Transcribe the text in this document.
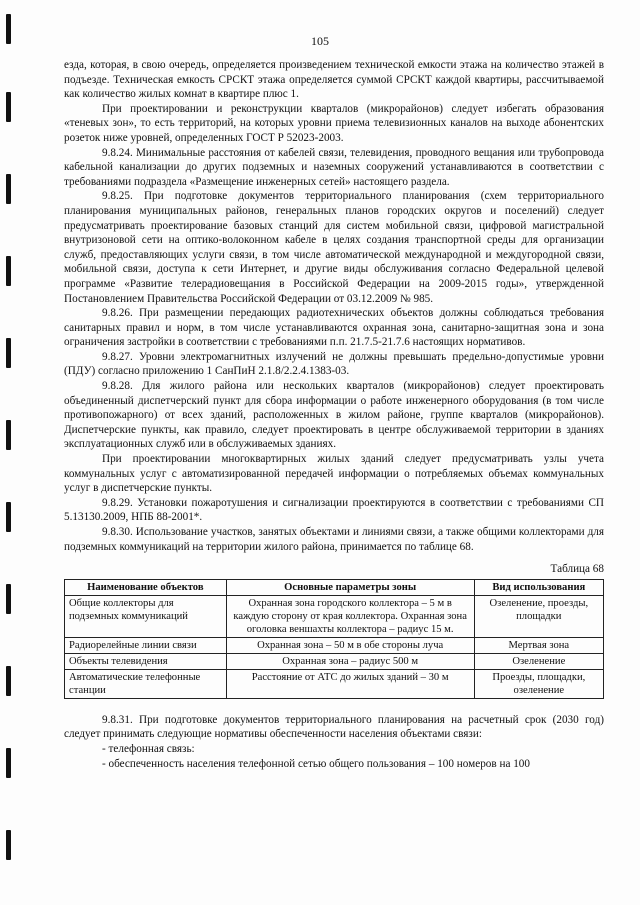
105

езда, которая, в свою очередь, определяется произведением технической емкости этажа на количество этажей в подъезде. Техническая емкость СРСКТ этажа определяется суммой СРСКТ каждой квартиры, рассчитываемой как количество жилых комнат в квартире плюс 1.

При проектировании и реконструкции кварталов (микрорайонов) следует избегать образования «теневых зон», то есть территорий, на которых уровни приема телевизионных каналов на выходе абонентских розеток ниже уровней, определенных ГОСТ Р 52023-2003.

9.8.24. Минимальные расстояния от кабелей связи, телевидения, проводного вещания или трубопровода кабельной канализации до других подземных и наземных сооружений устанавливаются в соответствии с требованиями подраздела «Размещение инженерных сетей» настоящего раздела.

9.8.25. При подготовке документов территориального планирования (схем территориального планирования муниципальных районов, генеральных планов городских округов и поселений) следует предусматривать проектирование базовых станций для систем мобильной связи, цифровой магистральной внутризоновой сети на оптико-волоконном кабеле в целях создания транспортной среды для организации служб, предоставляющих услуги связи, в том числе автоматической международной и междугородной связи, мобильной связи, доступа к сети Интернет, и другие виды обслуживания согласно Федеральной целевой программе «Развитие телерадиовещания в Российской Федерации на 2009-2015 годы», утвержденной Постановлением Правительства Российской Федерации от 03.12.2009 № 985.

9.8.26. При размещении передающих радиотехнических объектов должны соблюдаться требования санитарных правил и норм, в том числе устанавливаются охранная зона, санитарно-защитная зона и зона ограничения застройки в соответствии с требованиями п.п. 21.7.5-21.7.6 настоящих нормативов.

9.8.27. Уровни электромагнитных излучений не должны превышать предельно-допустимые уровни (ПДУ) согласно приложению 1 СанПиН 2.1.8/2.2.4.1383-03.

9.8.28. Для жилого района или нескольких кварталов (микрорайонов) следует проектировать объединенный диспетчерский пункт для сбора информации о работе инженерного оборудования (в том числе противопожарного) от всех зданий, расположенных в жилом районе, группе кварталов (микрорайонов). Диспетчерские пункты, как правило, следует проектировать в центре обслуживаемой территории в зданиях эксплуатационных служб или в обслуживаемых зданиях.

При проектировании многоквартирных жилых зданий следует предусматривать узлы учета коммунальных услуг с автоматизированной передачей информации о потребляемых объемах коммунальных услуг в диспетчерские пункты.

9.8.29. Установки пожаротушения и сигнализации проектируются в соответствии с требованиями СП 5.13130.2009, НПБ 88-2001*.

9.8.30. Использование участков, занятых объектами и линиями связи, а также общими коллекторами для подземных коммуникаций на территории жилого района, принимается по таблице 68.

Таблица 68
Наименование объектов	Основные параметры зоны	Вид использования
Общие коллекторы для подземных коммуникаций	Охранная зона городского коллектора – 5 м в каждую сторону от края коллектора. Охранная зона оголовка веншахты коллектора – радиус 15 м.	Озеленение, проезды, площадки
Радиорелейные линии связи	Охранная зона – 50 м в обе стороны луча	Мертвая зона
Объекты телевидения	Охранная зона – радиус 500 м	Озеленение
Автоматические телефонные станции	Расстояние от АТС до жилых зданий – 30 м	Проезды, площадки, озеленение

9.8.31. При подготовке документов территориального планирования на расчетный срок (2030 год) следует принимать следующие нормативы обеспеченности населения объектами связи:

- телефонная связь:

- обеспеченность населения телефонной сетью общего пользования – 100 номеров на 100
